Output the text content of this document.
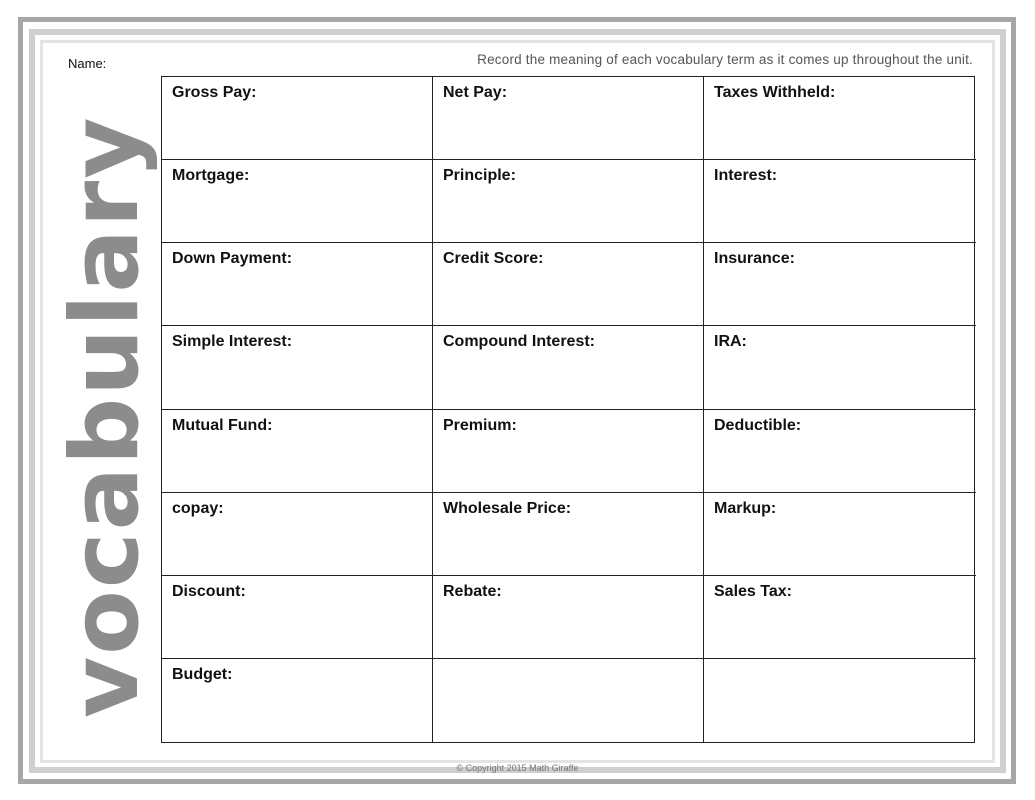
Name:	Record the meaning of each vocabulary term as it comes up throughout the unit.
vocabulary
Gross Pay:	Net Pay:	Taxes Withheld:
Mortgage:	Principle:	Interest:
Down Payment:	Credit Score:	Insurance:
Simple Interest:	Compound Interest:	IRA:
Mutual Fund:	Premium:	Deductible:
copay:	Wholesale Price:	Markup:
Discount:	Rebate:	Sales Tax:
Budget:
© Copyright 2015 Math Giraffe
